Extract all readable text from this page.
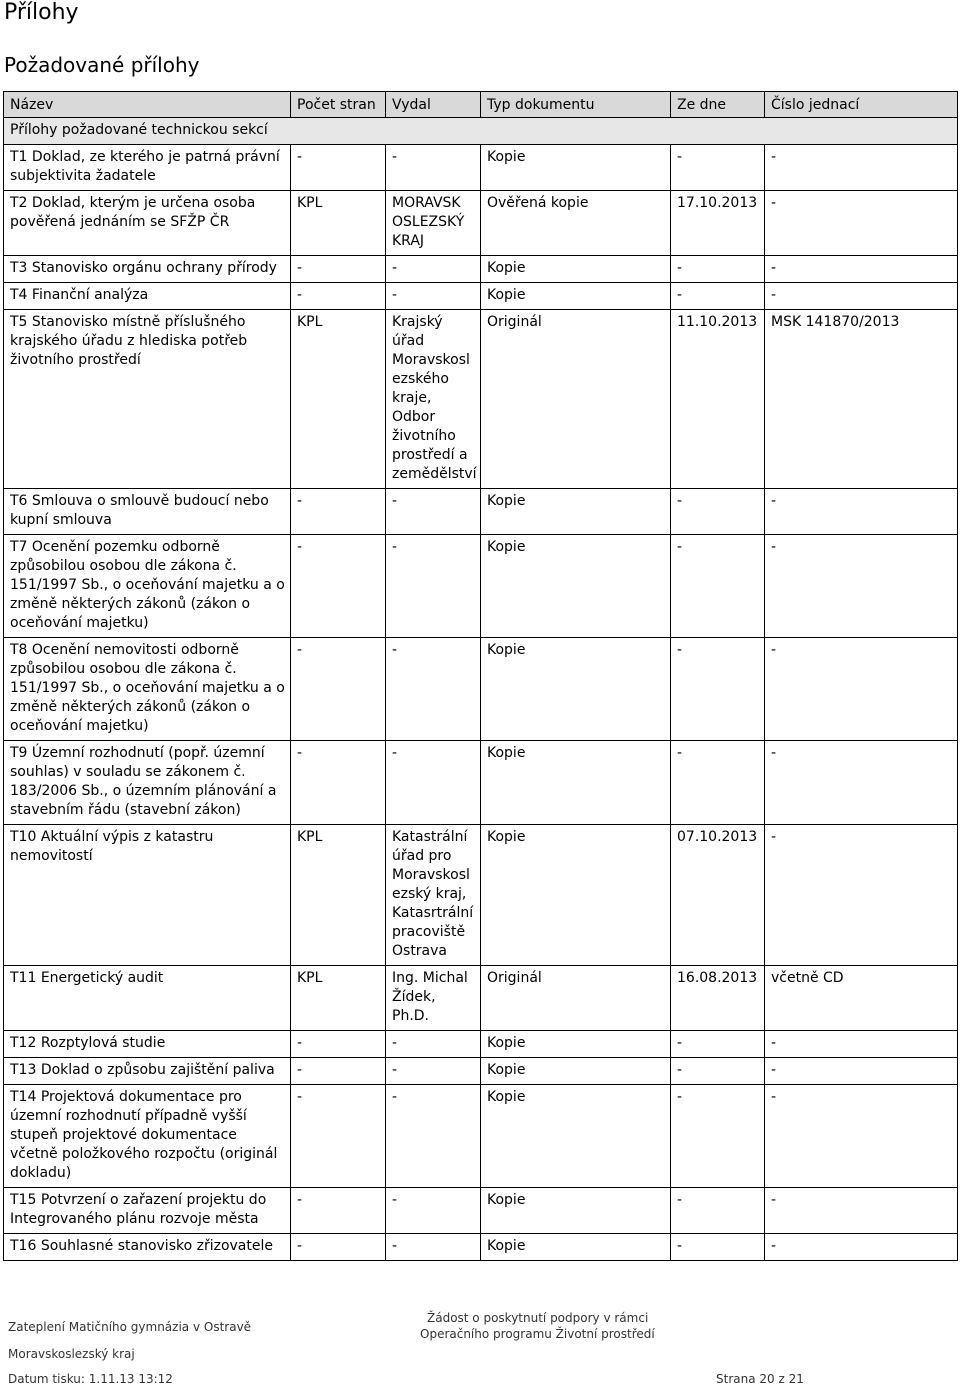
Přílohy
Požadované přílohy
Název	Počet stran	Vydal	Typ dokumentu	Ze dne	Číslo jednací
Přílohy požadované technickou sekcí					
T1 Doklad, ze kterého je patrná právní subjektivita žadatele	-	-	Kopie	-	-
T2 Doklad, kterým je určena osoba pověřená jednáním se SFŽP ČR	KPL	MORAVSK OSLEZSKÝ KRAJ	Ověřená kopie	17.10.2013	-
T3 Stanovisko orgánu ochrany přírody	-	-	Kopie	-	-
T4 Finanční analýza	-	-	Kopie	-	-
T5 Stanovisko místně příslušného krajského úřadu z hlediska potřeb životního prostředí	KPL	Krajský úřad Moravskosl ezského kraje, Odbor životního prostředí a zemědělství	Originál	11.10.2013	MSK 141870/2013
T6 Smlouva o smlouvě budoucí nebo kupní smlouva	-	-	Kopie	-	-
T7 Ocenění pozemku odborně způsobilou osobou dle zákona č. 151/1997 Sb., o oceňování majetku a o změně některých zákonů (zákon o oceňování majetku)	-	-	Kopie	-	-
T8 Ocenění nemovitosti odborně způsobilou osobou dle zákona č. 151/1997 Sb., o oceňování majetku a o změně některých zákonů (zákon o oceňování majetku)	-	-	Kopie	-	-
T9 Územní rozhodnutí (popř. územní souhlas) v souladu se zákonem č. 183/2006 Sb., o územním plánování a stavebním řádu (stavební zákon)	-	-	Kopie	-	-
T10 Aktuální výpis z katastru nemovitostí	KPL	Katastrální úřad pro Moravskosl ezský kraj, Katasrtrální pracoviště Ostrava	Kopie	07.10.2013	-
T11 Energetický audit	KPL	Ing. Michal Žídek, Ph.D.	Originál	16.08.2013	včetně CD
T12 Rozptylová studie	-	-	Kopie	-	-
T13 Doklad o způsobu zajištění paliva	-	-	Kopie	-	-
T14 Projektová dokumentace pro územní rozhodnutí případně vyšší stupeň projektové dokumentace včetně položkového rozpočtu (originál dokladu)	-	-	Kopie	-	-
T15 Potvrzení o zařazení projektu do Integrovaného plánu rozvoje města	-	-	Kopie	-	-
T16 Souhlasné stanovisko zřizovatele	-	-	Kopie	-	-
Zateplení Matičního gymnázia v Ostravě
Moravskoslezský kraj
Žádost o poskytnutí podpory v rámci
Operačního programu Životní prostředí
Datum tisku: 1.11.13 13:12	Strana 20 z 21
